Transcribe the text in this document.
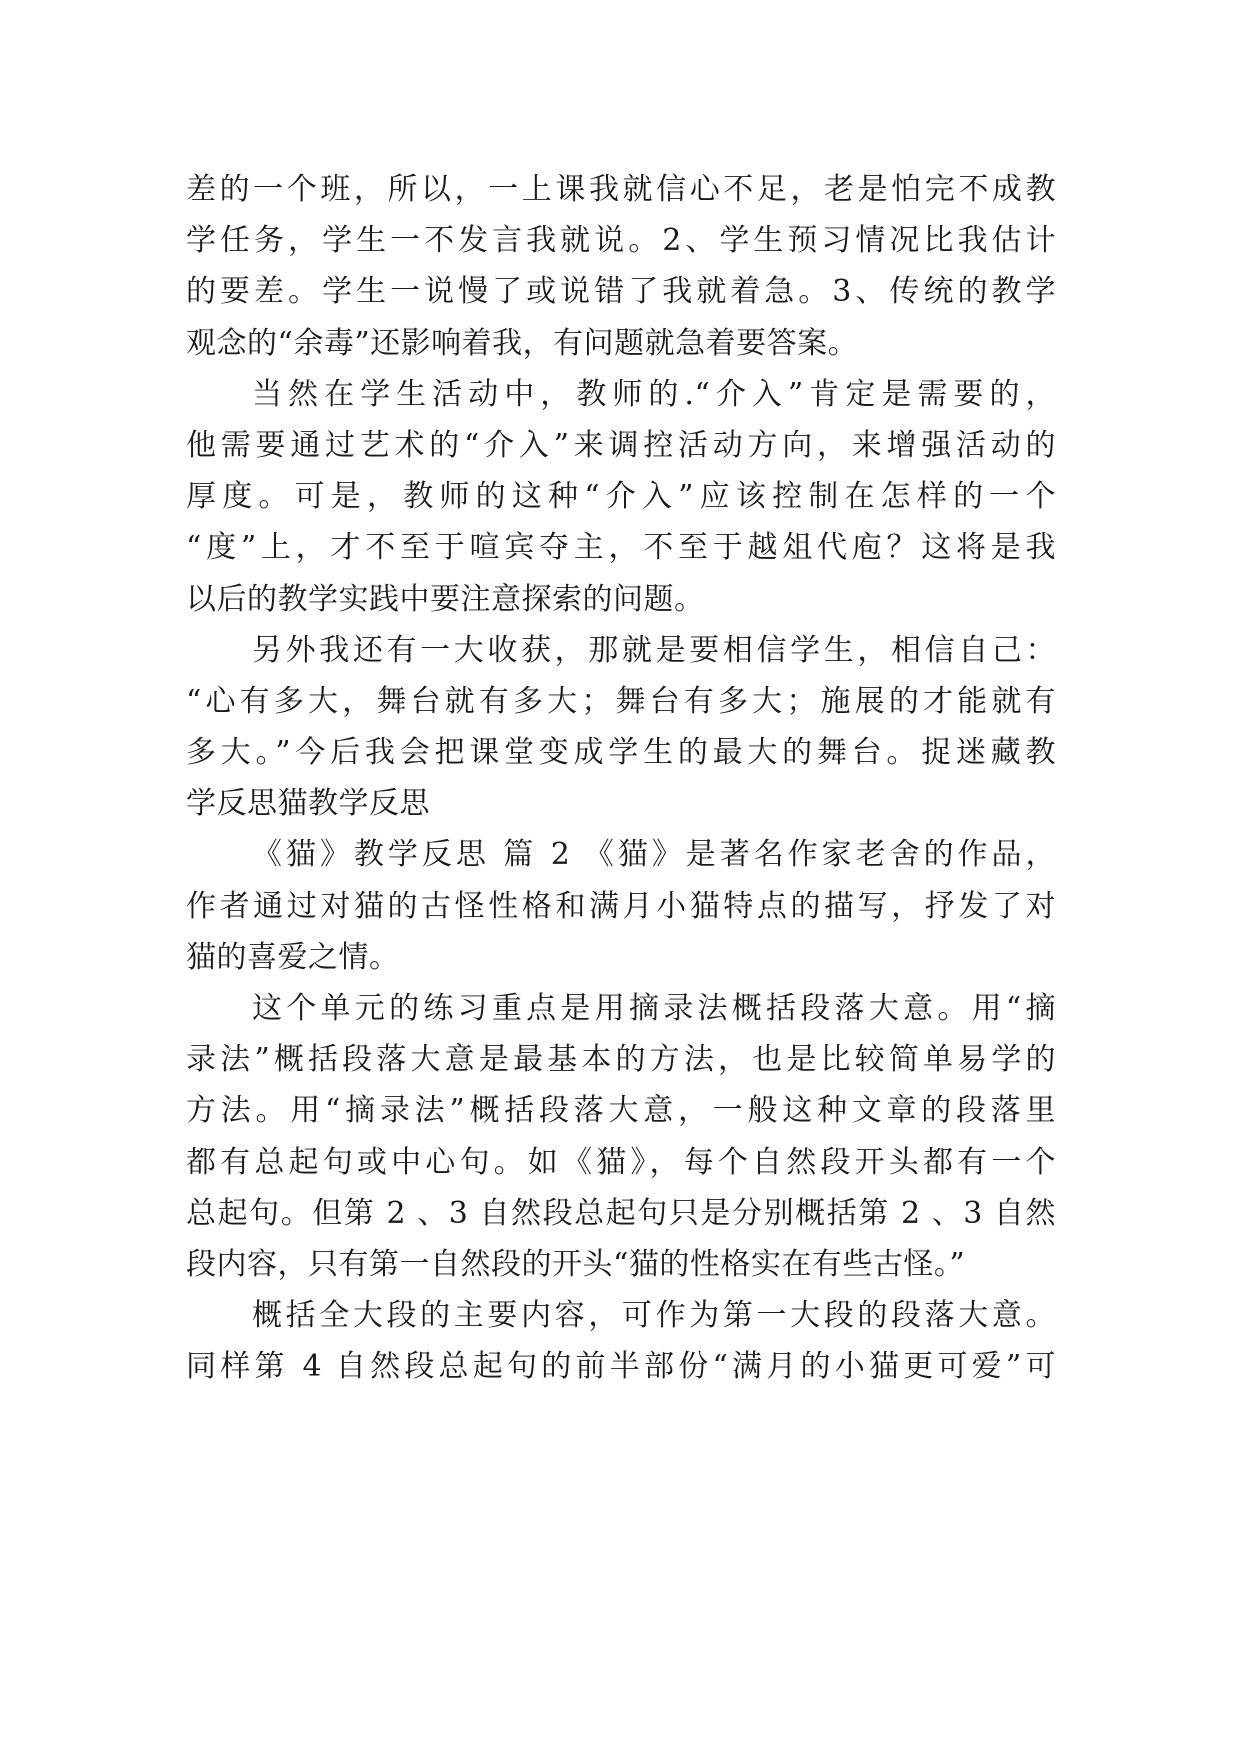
差的一个班，所以，一上课我就信心不足，老是怕完不成教
学任务，学生一不发言我就说。2、学生预习情况比我估计
的要差。学生一说慢了或说错了我就着急。3、传统的教学
观念的“余毒”还影响着我，有问题就急着要答案。
当然在学生活动中，教师的.“介入”肯定是需要的，
他需要通过艺术的“介入”来调控活动方向，来增强活动的
厚度。可是，教师的这种“介入”应该控制在怎样的一个
“度”上，才不至于喧宾夺主，不至于越俎代庖？这将是我
以后的教学实践中要注意探索的问题。
另外我还有一大收获，那就是要相信学生，相信自己：
“心有多大，舞台就有多大；舞台有多大；施展的才能就有
多大。”今后我会把课堂变成学生的最大的舞台。捉迷藏教
学反思猫教学反思
《猫》教学反思 篇 2 《猫》是著名作家老舍的作品，
作者通过对猫的古怪性格和满月小猫特点的描写，抒发了对
猫的喜爱之情。
这个单元的练习重点是用摘录法概括段落大意。用“摘
录法”概括段落大意是最基本的方法，也是比较简单易学的
方法。用“摘录法”概括段落大意，一般这种文章的段落里
都有总起句或中心句。如《猫》，每个自然段开头都有一个
总起句。但第 2 、3 自然段总起句只是分别概括第 2 、3 自然
段内容，只有第一自然段的开头“猫的性格实在有些古怪。”
概括全大段的主要内容，可作为第一大段的段落大意。
同样第 4 自然段总起句的前半部份“满月的小猫更可爱”可
